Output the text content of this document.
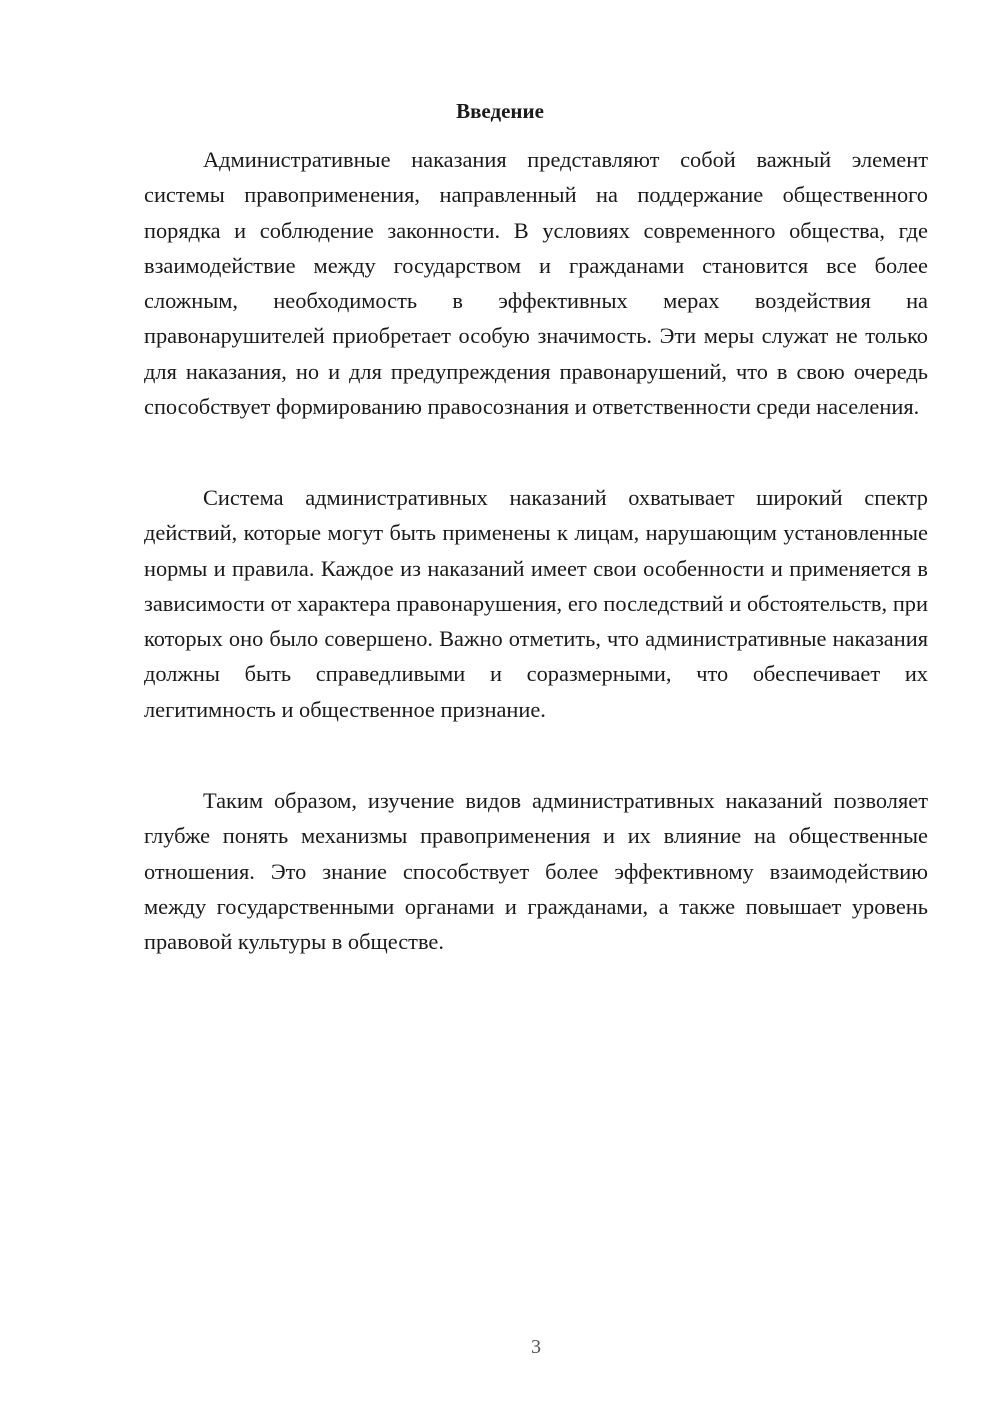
Введение

Административные наказания представляют собой важный элемент системы правоприменения, направленный на поддержание общественного порядка и соблюдение законности. В условиях современного общества, где взаимодействие между государством и гражданами становится все более сложным, необходимость в эффективных мерах воздействия на правонарушителей приобретает особую значимость. Эти меры служат не только для наказания, но и для предупреждения правонарушений, что в свою очередь способствует формированию правосознания и ответственности среди населения.

Система административных наказаний охватывает широкий спектр действий, которые могут быть применены к лицам, нарушающим установленные нормы и правила. Каждое из наказаний имеет свои особенности и применяется в зависимости от характера правонарушения, его последствий и обстоятельств, при которых оно было совершено. Важно отметить, что административные наказания должны быть справедливыми и соразмерными, что обеспечивает их легитимность и общественное признание.

Таким образом, изучение видов административных наказаний позволяет глубже понять механизмы правоприменения и их влияние на общественные отношения. Это знание способствует более эффективному взаимодействию между государственными органами и гражданами, а также повышает уровень правовой культуры в обществе.

3
